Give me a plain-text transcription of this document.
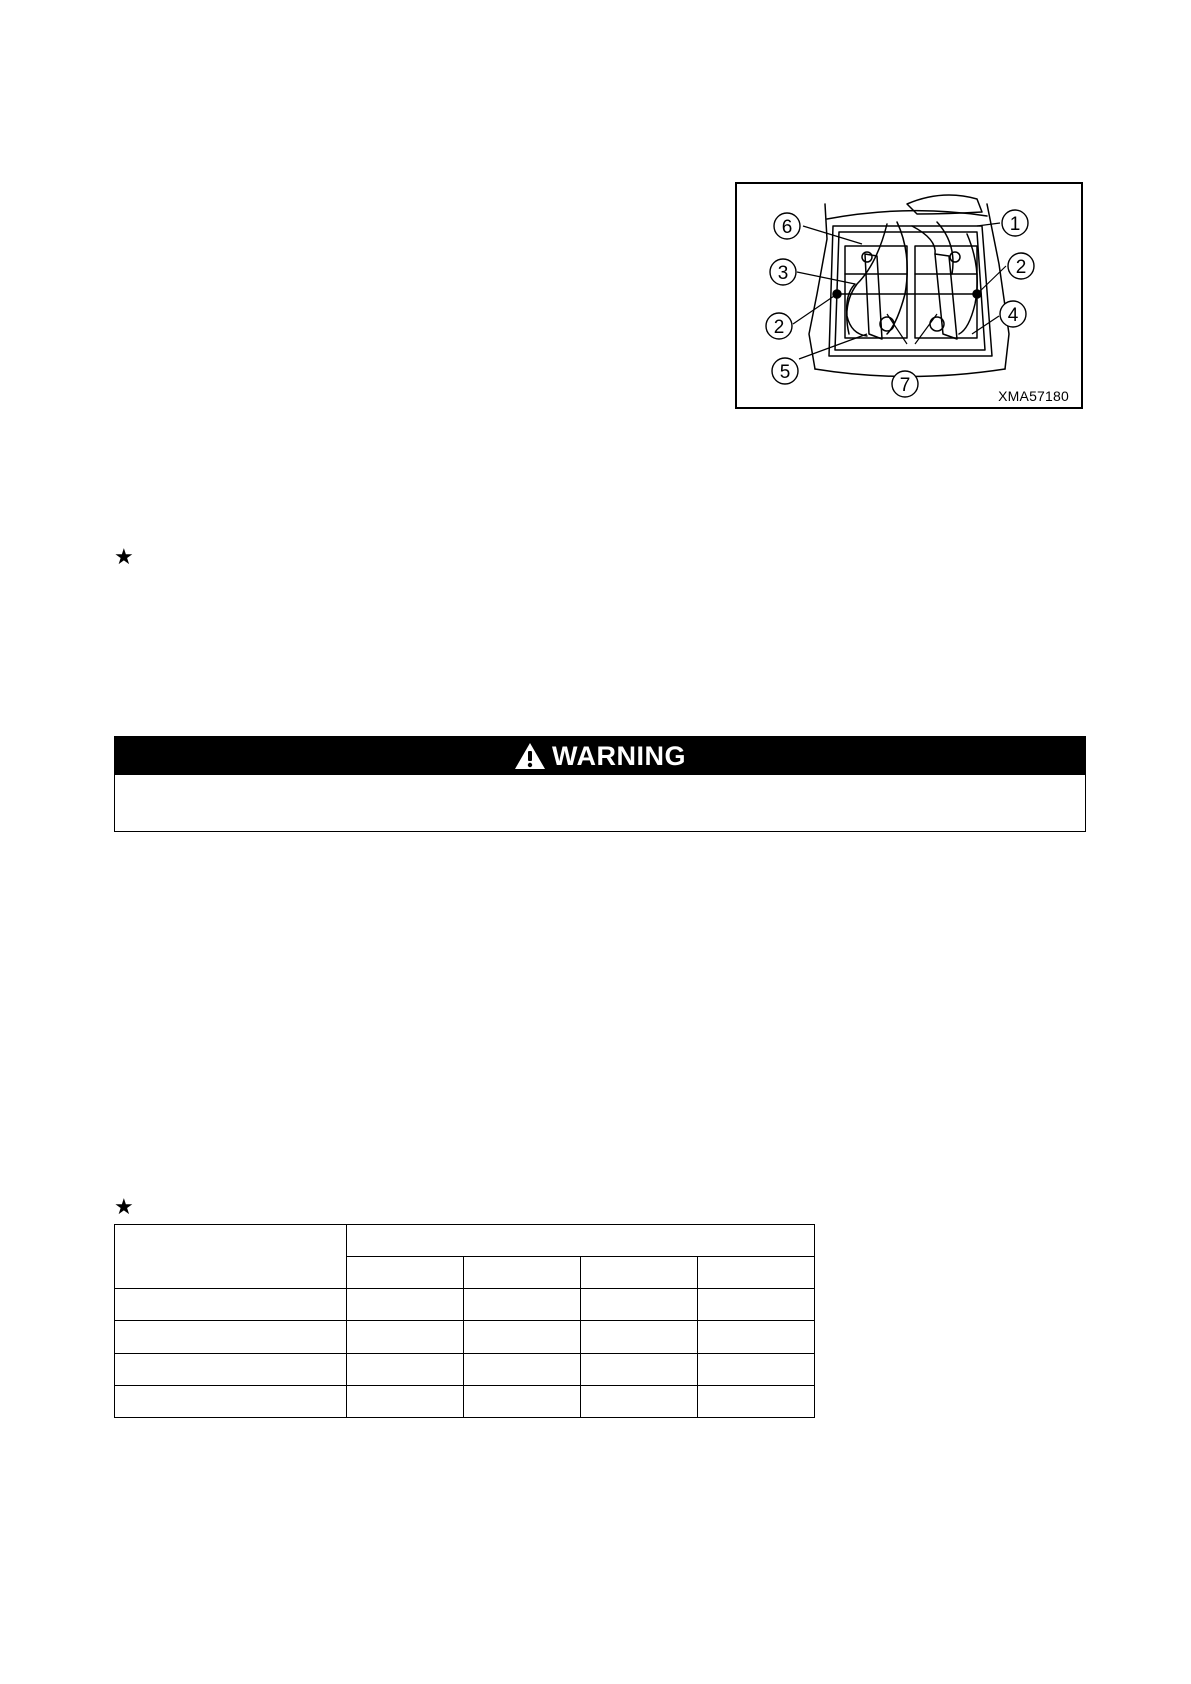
1
2
3
2
4
5
6
7	XMA57180
★
WARNING
★
